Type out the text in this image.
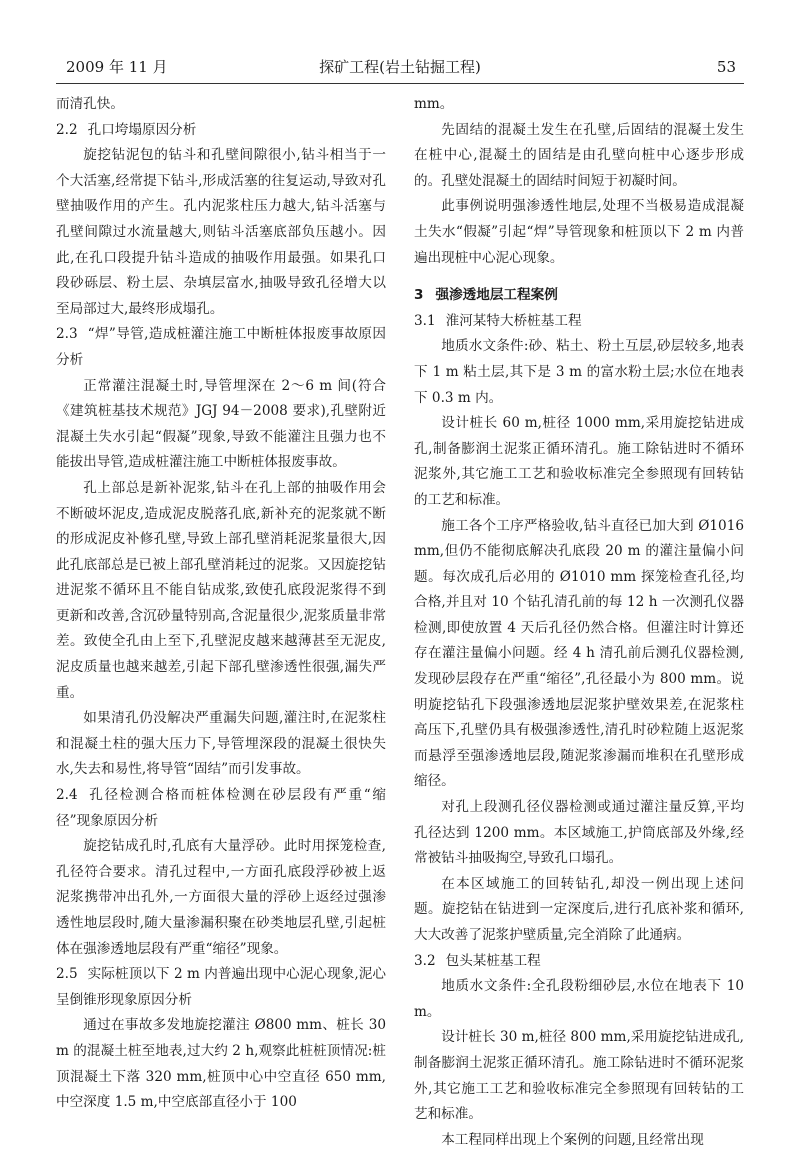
2009 年 11 月	探矿工程(岩土钻掘工程)	53

而清孔快。

2.2 孔口垮塌原因分析

旋挖钻泥包的钻斗和孔壁间隙很小,钻斗相当于一个大活塞,经常提下钻斗,形成活塞的往复运动,导致对孔壁抽吸作用的产生。孔内泥浆柱压力越大,钻斗活塞与孔壁间隙过水流量越大,则钻斗活塞底部负压越小。因此,在孔口段提升钻斗造成的抽吸作用最强。如果孔口段砂砾层、粉土层、杂填层富水,抽吸导致孔径增大以至局部过大,最终形成塌孔。

2.3 “焊”导管,造成桩灌注施工中断桩体报废事故原因分析

正常灌注混凝土时,导管埋深在 2～6 m 间(符合《建筑桩基技术规范》JGJ 94－2008 要求),孔壁附近混凝土失水引起“假凝”现象,导致不能灌注且强力也不能拔出导管,造成桩灌注施工中断桩体报废事故。

孔上部总是新补泥浆,钻斗在孔上部的抽吸作用会不断破坏泥皮,造成泥皮脱落孔底,新补充的泥浆就不断的形成泥皮补修孔壁,导致上部孔壁消耗泥浆量很大,因此孔底部总是已被上部孔壁消耗过的泥浆。又因旋挖钻进泥浆不循环且不能自钻成浆,致使孔底段泥浆得不到更新和改善,含沉砂量特别高,含泥量很少,泥浆质量非常差。致使全孔由上至下,孔壁泥皮越来越薄甚至无泥皮,泥皮质量也越来越差,引起下部孔壁渗透性很强,漏失严重。

如果清孔仍没解决严重漏失问题,灌注时,在泥浆柱和混凝土柱的强大压力下,导管埋深段的混凝土很快失水,失去和易性,将导管“固结”而引发事故。

2.4 孔径检测合格而桩体检测在砂层段有严重“缩径”现象原因分析

旋挖钻成孔时,孔底有大量浮砂。此时用探笼检查,孔径符合要求。清孔过程中,一方面孔底段浮砂被上返泥浆携带冲出孔外,一方面很大量的浮砂上返经过强渗透性地层段时,随大量渗漏积聚在砂类地层孔壁,引起桩体在强渗透地层段有严重“缩径”现象。

2.5 实际桩顶以下 2 m 内普遍出现中心泥心现象,泥心呈倒锥形现象原因分析

通过在事故多发地旋挖灌注 Ø800 mm、桩长 30 m 的混凝土桩至地表,过大约 2 h,观察此桩桩顶情况:桩顶混凝土下落 320 mm,桩顶中心中空直径 650 mm,中空深度 1.5 m,中空底部直径小于 100

mm。

先固结的混凝土发生在孔壁,后固结的混凝土发生在桩中心,混凝土的固结是由孔壁向桩中心逐步形成的。孔壁处混凝土的固结时间短于初凝时间。

此事例说明强渗透性地层,处理不当极易造成混凝土失水“假凝”引起“焊”导管现象和桩顶以下 2 m 内普遍出现桩中心泥心现象。

3 强渗透地层工程案例
3.1 淮河某特大桥桩基工程

地质水文条件:砂、粘土、粉土互层,砂层较多,地表下 1 m 粘土层,其下是 3 m 的富水粉土层;水位在地表下 0.3 m 内。

设计桩长 60 m,桩径 1000 mm,采用旋挖钻进成孔,制备膨润土泥浆正循环清孔。施工除钻进时不循环泥浆外,其它施工工艺和验收标准完全参照现有回转钻的工艺和标准。

施工各个工序严格验收,钻斗直径已加大到 Ø1016 mm,但仍不能彻底解决孔底段 20 m 的灌注量偏小问题。每次成孔后必用的 Ø1010 mm 探笼检查孔径,均合格,并且对 10 个钻孔清孔前的每 12 h 一次测孔仪器检测,即使放置 4 天后孔径仍然合格。但灌注时计算还存在灌注量偏小问题。经 4 h 清孔前后测孔仪器检测,发现砂层段存在严重“缩径”,孔径最小为 800 mm。说明旋挖钻孔下段强渗透地层泥浆护壁效果差,在泥浆柱高压下,孔壁仍具有极强渗透性,清孔时砂粒随上返泥浆而悬浮至强渗透地层段,随泥浆渗漏而堆积在孔壁形成缩径。

对孔上段测孔径仪器检测或通过灌注量反算,平均孔径达到 1200 mm。本区域施工,护筒底部及外缘,经常被钻斗抽吸掏空,导致孔口塌孔。

在本区域施工的回转钻孔,却没一例出现上述问题。旋挖钻在钻进到一定深度后,进行孔底补浆和循环,大大改善了泥浆护壁质量,完全消除了此通病。

3.2 包头某桩基工程

地质水文条件:全孔段粉细砂层,水位在地表下 10 m。

设计桩长 30 m,桩径 800 mm,采用旋挖钻进成孔,制备膨润土泥浆正循环清孔。施工除钻进时不循环泥浆外,其它施工工艺和验收标准完全参照现有回转钻的工艺和标准。

本工程同样出现上个案例的问题,且经常出现
